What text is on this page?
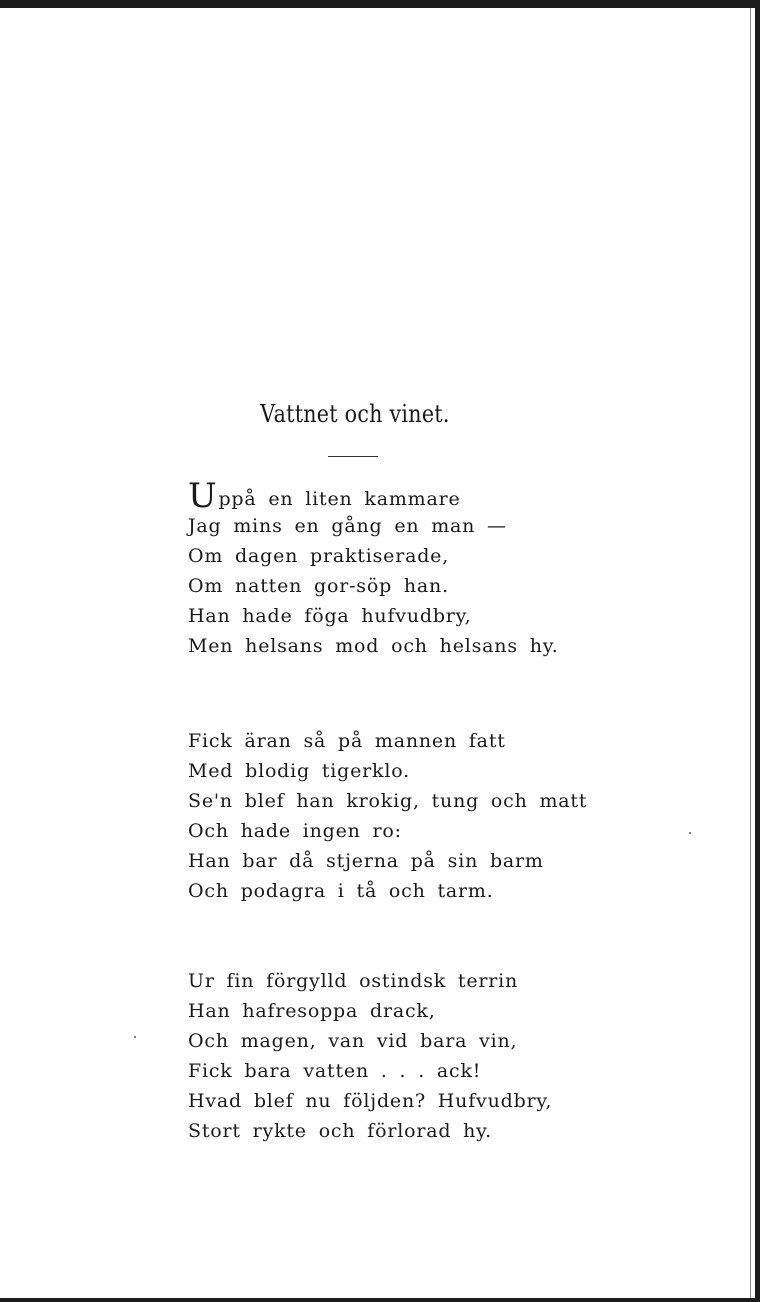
Vattnet och vinet.
Uppå en liten kammare
Jag mins en gång en man —
Om dagen praktiserade,
Om natten gor-söp han.
Han hade föga hufvudbry,
Men helsans mod och helsans hy.
Fick äran så på mannen fatt
Med blodig tigerklo.
Se'n blef han krokig, tung och matt
Och hade ingen ro:
Han bar då stjerna på sin barm
Och podagra i tå och tarm.
Ur fin förgylld ostindsk terrin
Han hafresoppa drack,
Och magen, van vid bara vin,
Fick bara vatten . . . ack!
Hvad blef nu följden? Hufvudbry,
Stort rykte och förlorad hy.
